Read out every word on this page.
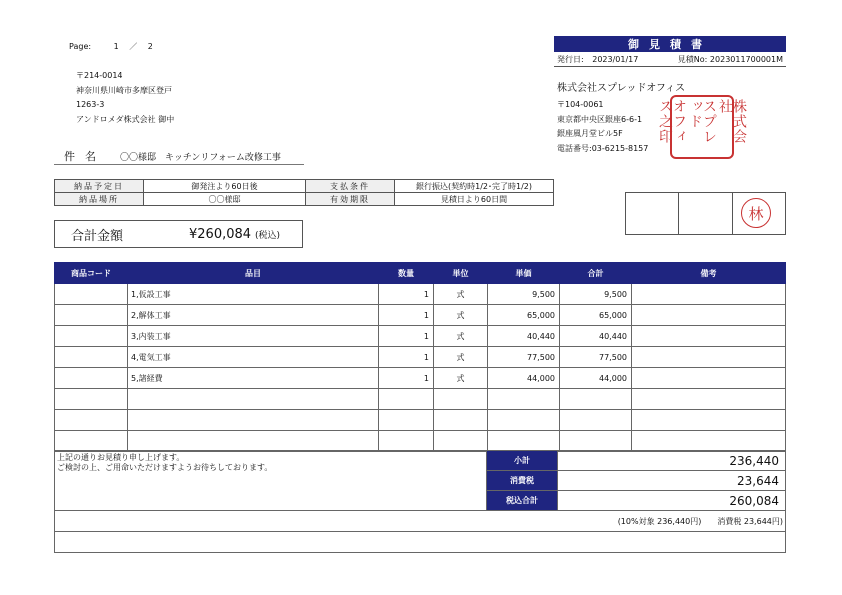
Page:	1 ／ 2
〒214-0014
神奈川県川崎市多摩区登戸
1263-3
アンドロメダ株式会社 御中
御見積書
発行日: 2023/01/17	見積No: 2023011700001M
株式会社スプレッドオフィス
〒104-0061
東京都中央区銀座6-6-1
銀座風月堂ビル5F
電話番号:03-6215-8157
株式会社
スプレッド
オフィス之印
件名	〇〇様邸　キッチンリフォーム改修工事
納品予定日	御発注より60日後	支払条件	銀行振込(契約時1/2･完了時1/2)
納品場所	〇〇様邸	有効期限	見積日より60日間

林
合計金額	¥260,084 (税込)
商品コード	品目	数量	単位	単価	合計	備考
	1,仮設工事	1	式	9,500	9,500	
	2,解体工事	1	式	65,000	65,000	
	3,内装工事	1	式	40,440	40,440	
	4,電気工事	1	式	77,500	77,500	
	5,諸経費	1	式	44,000	44,000	

上記の通りお見積り申し上げます。
ご検討の上、ご用命いただけますようお待ちしております。	小計	236,440
	消費税	23,644
	税込合計	260,084
(10%対象 236,440円)　　消費税 23,644円)		
